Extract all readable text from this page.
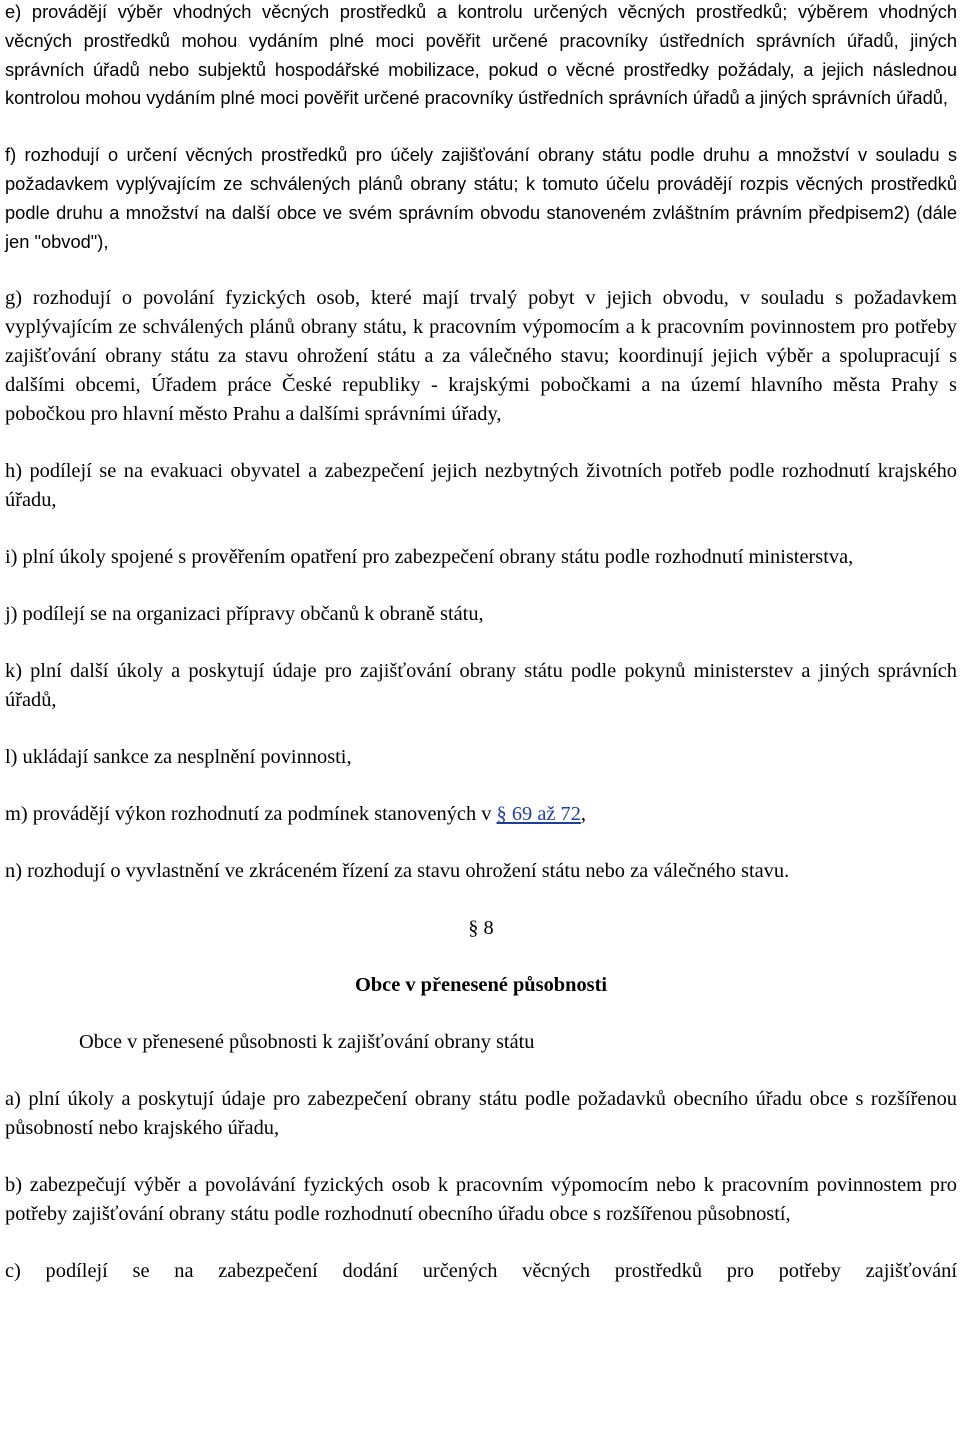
e) provádějí výběr vhodných věcných prostředků a kontrolu určených věcných prostředků; výběrem vhodných věcných prostředků mohou vydáním plné moci pověřit určené pracovníky ústředních správních úřadů, jiných správních úřadů nebo subjektů hospodářské mobilizace, pokud o věcné prostředky požádaly, a jejich následnou kontrolou mohou vydáním plné moci pověřit určené pracovníky ústředních správních úřadů a jiných správních úřadů,

f) rozhodují o určení věcných prostředků pro účely zajišťování obrany státu podle druhu a množství v souladu s požadavkem vyplývajícím ze schválených plánů obrany státu; k tomuto účelu provádějí rozpis věcných prostředků podle druhu a množství na další obce ve svém správním obvodu stanoveném zvláštním právním předpisem2) (dále jen "obvod"),

g) rozhodují o povolání fyzických osob, které mají trvalý pobyt v jejich obvodu, v souladu s požadavkem vyplývajícím ze schválených plánů obrany státu, k pracovním výpomocím a k pracovním povinnostem pro potřeby zajišťování obrany státu za stavu ohrožení státu a za válečného stavu; koordinují jejich výběr a spolupracují s dalšími obcemi, Úřadem práce České republiky - krajskými pobočkami a na území hlavního města Prahy s pobočkou pro hlavní město Prahu a dalšími správními úřady,

h) podílejí se na evakuaci obyvatel a zabezpečení jejich nezbytných životních potřeb podle rozhodnutí krajského úřadu,

i) plní úkoly spojené s prověřením opatření pro zabezpečení obrany státu podle rozhodnutí ministerstva,

j) podílejí se na organizaci přípravy občanů k obraně státu,

k) plní další úkoly a poskytují údaje pro zajišťování obrany státu podle pokynů ministerstev a jiných správních úřadů,

l) ukládají sankce za nesplnění povinnosti,

m) provádějí výkon rozhodnutí za podmínek stanovených v § 69 až 72,

n) rozhodují o vyvlastnění ve zkráceném řízení za stavu ohrožení státu nebo za válečného stavu.

§ 8

Obce v přenesené působnosti

Obce v přenesené působnosti k zajišťování obrany státu

a) plní úkoly a poskytují údaje pro zabezpečení obrany státu podle požadavků obecního úřadu obce s rozšířenou působností nebo krajského úřadu,

b) zabezpečují výběr a povolávání fyzických osob k pracovním výpomocím nebo k pracovním povinnostem pro potřeby zajišťování obrany státu podle rozhodnutí obecního úřadu obce s rozšířenou působností,

c) podílejí se na zabezpečení dodání určených věcných prostředků pro potřeby zajišťování
